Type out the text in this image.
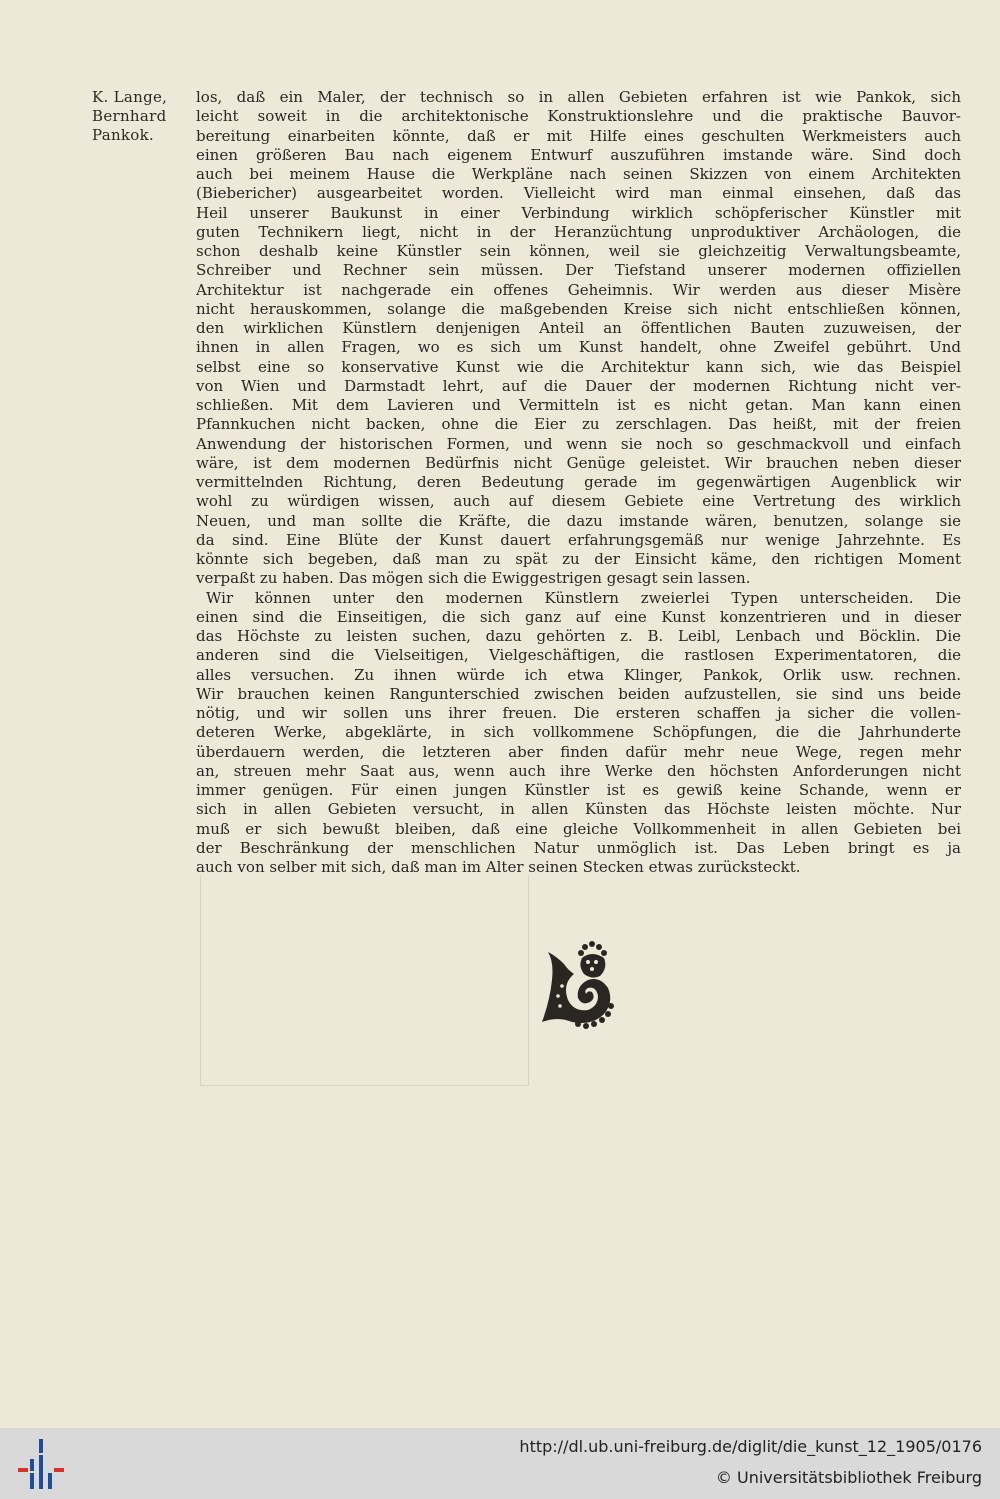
K. Lange,
Bernhard
Pankok.
los, daß ein Maler, der technisch so in allen Gebieten erfahren ist wie Pankok, sich
leicht soweit in die architektonische Konstruktionslehre und die praktische Bauvor-
bereitung einarbeiten könnte, daß er mit Hilfe eines geschulten Werkmeisters auch
einen größeren Bau nach eigenem Entwurf auszuführen imstande wäre. Sind doch
auch bei meinem Hause die Werkpläne nach seinen Skizzen von einem Architekten
(Biebericher) ausgearbeitet worden. Vielleicht wird man einmal einsehen, daß das
Heil unserer Baukunst in einer Verbindung wirklich schöpferischer Künstler mit
guten Technikern liegt, nicht in der Heranzüchtung unproduktiver Archäologen, die
schon deshalb keine Künstler sein können, weil sie gleichzeitig Verwaltungsbeamte,
Schreiber und Rechner sein müssen. Der Tiefstand unserer modernen offiziellen
Architektur ist nachgerade ein offenes Geheimnis. Wir werden aus dieser Misère
nicht herauskommen, solange die maßgebenden Kreise sich nicht entschließen können,
den wirklichen Künstlern denjenigen Anteil an öffentlichen Bauten zuzuweisen, der
ihnen in allen Fragen, wo es sich um Kunst handelt, ohne Zweifel gebührt. Und
selbst eine so konservative Kunst wie die Architektur kann sich, wie das Beispiel
von Wien und Darmstadt lehrt, auf die Dauer der modernen Richtung nicht ver-
schließen. Mit dem Lavieren und Vermitteln ist es nicht getan. Man kann einen
Pfannkuchen nicht backen, ohne die Eier zu zerschlagen. Das heißt, mit der freien
Anwendung der historischen Formen, und wenn sie noch so geschmackvoll und einfach
wäre, ist dem modernen Bedürfnis nicht Genüge geleistet. Wir brauchen neben dieser
vermittelnden Richtung, deren Bedeutung gerade im gegenwärtigen Augenblick wir
wohl zu würdigen wissen, auch auf diesem Gebiete eine Vertretung des wirklich
Neuen, und man sollte die Kräfte, die dazu imstande wären, benutzen, solange sie
da sind. Eine Blüte der Kunst dauert erfahrungsgemäß nur wenige Jahrzehnte. Es
könnte sich begeben, daß man zu spät zu der Einsicht käme, den richtigen Moment
verpaßt zu haben. Das mögen sich die Ewiggestrigen gesagt sein lassen.
Wir können unter den modernen Künstlern zweierlei Typen unterscheiden. Die
einen sind die Einseitigen, die sich ganz auf eine Kunst konzentrieren und in dieser
das Höchste zu leisten suchen, dazu gehörten z. B. Leibl, Lenbach und Böcklin. Die
anderen sind die Vielseitigen, Vielgeschäftigen, die rastlosen Experimentatoren, die
alles versuchen. Zu ihnen würde ich etwa Klinger, Pankok, Orlik usw. rechnen.
Wir brauchen keinen Rangunterschied zwischen beiden aufzustellen, sie sind uns beide
nötig, und wir sollen uns ihrer freuen. Die ersteren schaffen ja sicher die vollen-
deteren Werke, abgeklärte, in sich vollkommene Schöpfungen, die die Jahrhunderte
überdauern werden, die letzteren aber finden dafür mehr neue Wege, regen mehr
an, streuen mehr Saat aus, wenn auch ihre Werke den höchsten Anforderungen nicht
immer genügen. Für einen jungen Künstler ist es gewiß keine Schande, wenn er
sich in allen Gebieten versucht, in allen Künsten das Höchste leisten möchte. Nur
muß er sich bewußt bleiben, daß eine gleiche Vollkommenheit in allen Gebieten bei
der Beschränkung der menschlichen Natur unmöglich ist. Das Leben bringt es ja
auch von selber mit sich, daß man im Alter seinen Stecken etwas zurücksteckt.
http://dl.ub.uni-freiburg.de/diglit/die_kunst_12_1905/0176
© Universitätsbibliothek Freiburg
